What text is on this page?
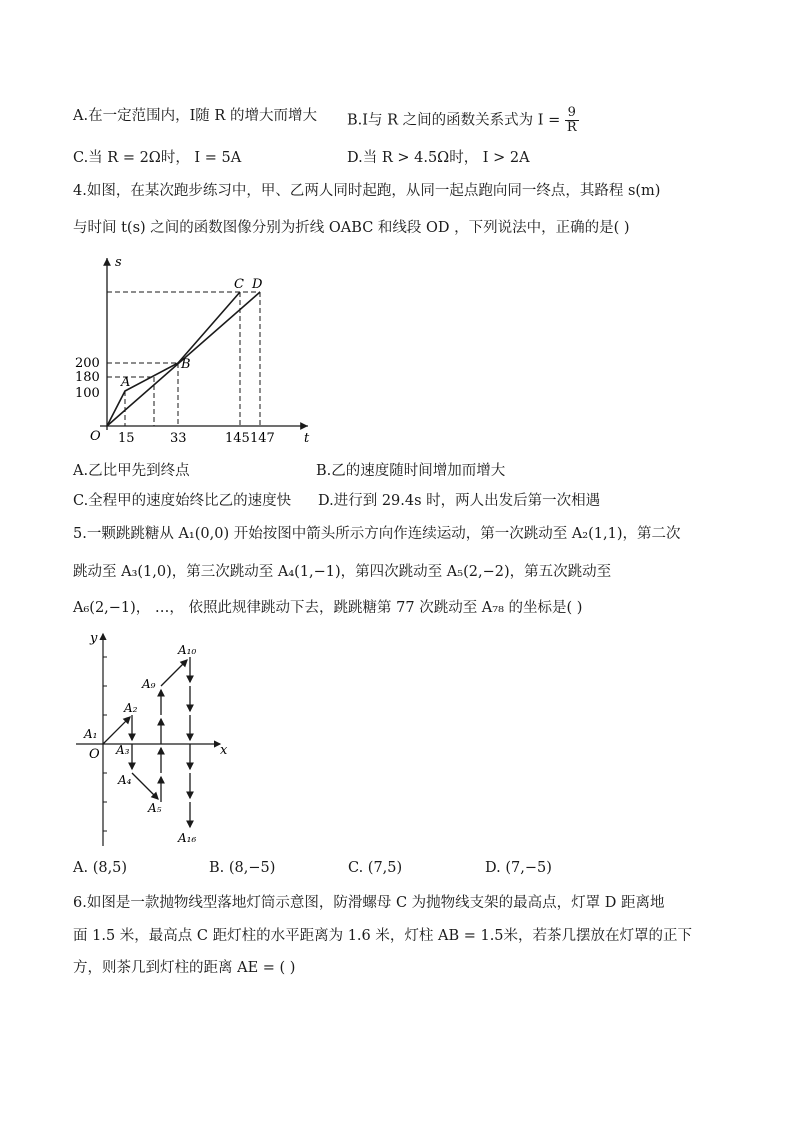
A.在一定范围内，I随 R 的增大而增大 B.I与 R 之间的函数关系式为 $I = \frac{9}{R}$
C.当 R = 2Ω时， I = 5A	D.当 R > 4.5Ω时， I > 2A
4.如图，在某次跑步练习中，甲、乙两人同时起跑，从同一起点跑向同一终点，其路程 s(m)
与时间 t(s) 之间的函数图像分别为折线 OABC 和线段 OD ，下列说法中，正确的是( )
s
t
O
200
180
100
15	33	145 147
A
B
C D
A.乙比甲先到终点	B.乙的速度随时间增加而增大
C.全程甲的速度始终比乙的速度快 D.进行到 29.4s 时，两人出发后第一次相遇
5.一颗跳跳糖从 A₁(0,0) 开始按图中箭头所示方向作连续运动，第一次跳动至 A₂(1,1)，第二次
跳动至 A₃(1,0)，第三次跳动至 A₄(1,−1)，第四次跳动至 A₅(2,−2)，第五次跳动至
A₆(2,−1)， …， 依照此规律跳动下去，跳跳糖第 77 次跳动至 A₇₈ 的坐标是( )
y
x
O
A₁
A₂
A₃
A₄
A₅
A₉
A₁₀
A₁₆
A. (8,5)	B. (8,−5)	C. (7,5)	D. (7,−5)
6.如图是一款抛物线型落地灯筒示意图，防滑螺母 C 为抛物线支架的最高点，灯罩 D 距离地
面 1.5 米，最高点 C 距灯柱的水平距离为 1.6 米，灯柱 AB = 1.5米，若茶几摆放在灯罩的正下
方，则茶几到灯柱的距离 AE = ( )
